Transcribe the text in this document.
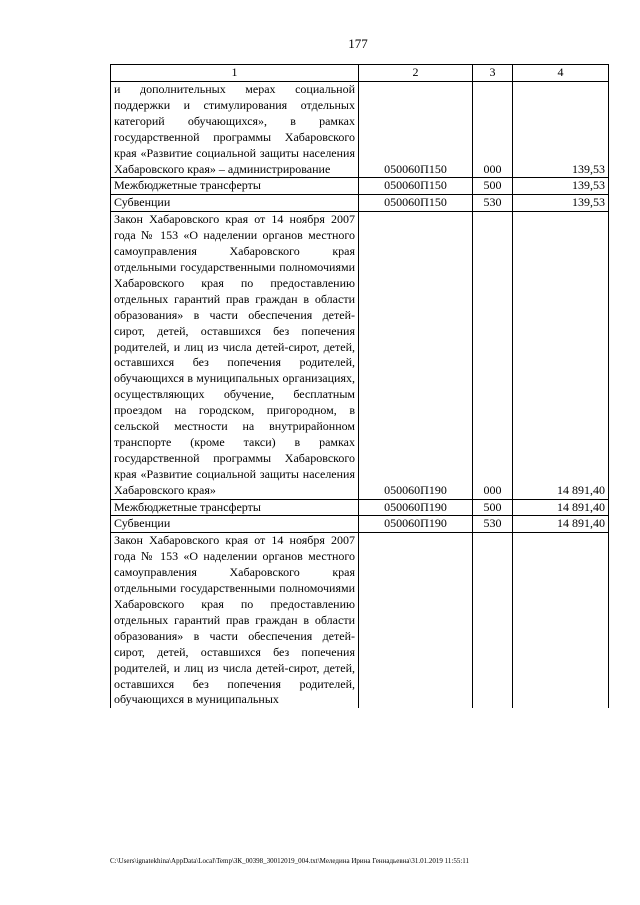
177
1	2	3	4
и дополнительных мерах социальной поддержки и стимулирования отдельных категорий обучающихся», в рамках государственной программы Хабаровского края «Развитие социальной защиты населения Хабаровского края» – администрирование	050060П150	000	139,53
Межбюджетные трансферты	050060П150	500	139,53
Субвенции	050060П150	530	139,53
Закон Хабаровского края от 14 ноября 2007 года № 153 «О наделении органов местного самоуправления Хабаровского края отдельными государственными полномочиями Хабаровского края по предоставлению отдельных гарантий прав граждан в области образования» в части обеспечения детей-сирот, детей, оставшихся без попечения родителей, и лиц из числа детей-сирот, детей, оставшихся без попечения родителей, обучающихся в муниципальных организациях, осуществляющих обучение, бесплатным проездом на городском, пригородном, в сельской местности на внутрирайонном транспорте (кроме такси) в рамках государственной программы Хабаровского края «Развитие социальной защиты населения Хабаровского края»	050060П190	000	14 891,40
Межбюджетные трансферты	050060П190	500	14 891,40
Субвенции	050060П190	530	14 891,40
Закон Хабаровского края от 14 ноября 2007 года № 153 «О наделении органов местного самоуправления Хабаровского края отдельными государственными полномочиями Хабаровского края по предоставлению отдельных гарантий прав граждан в области образования» в части обеспечения детей-сирот, детей, оставшихся без попечения родителей, и лиц из числа детей-сирот, детей, оставшихся без попечения родителей, обучающихся в муниципальных			
C:\Users\ignatekhina\AppData\Local\Temp\ЗК_00398_30012019_004.txt\Меледина Ирина Геннадьевна\31.01.2019 11:55:11
